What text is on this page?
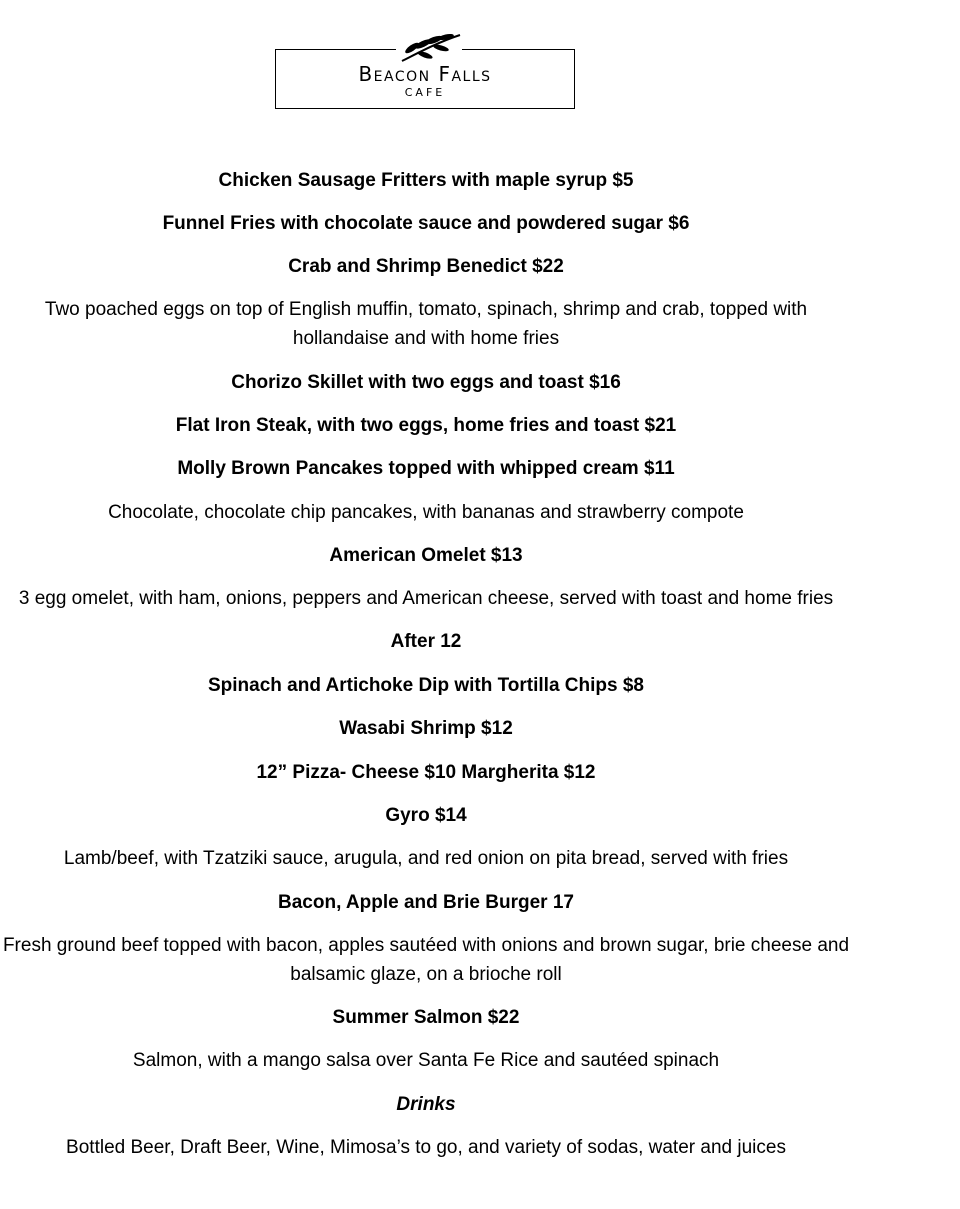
Beacon Falls
CAFE

Chicken Sausage Fritters with maple syrup $5

Funnel Fries with chocolate sauce and powdered sugar $6

Crab and Shrimp Benedict $22

Two poached eggs on top of English muffin, tomato, spinach, shrimp and crab, topped with hollandaise and with home fries

Chorizo Skillet with two eggs and toast $16

Flat Iron Steak, with two eggs, home fries and toast $21

Molly Brown Pancakes topped with whipped cream $11

Chocolate, chocolate chip pancakes, with bananas and strawberry compote

American Omelet $13

3 egg omelet, with ham, onions, peppers and American cheese, served with toast and home fries

After 12

Spinach and Artichoke Dip with Tortilla Chips $8

Wasabi Shrimp $12

12” Pizza- Cheese $10 Margherita $12

Gyro $14

Lamb/beef, with Tzatziki sauce, arugula, and red onion on pita bread, served with fries

Bacon, Apple and Brie Burger 17

Fresh ground beef topped with bacon, apples sautéed with onions and brown sugar, brie cheese and balsamic glaze, on a brioche roll

Summer Salmon $22

Salmon, with a mango salsa over Santa Fe Rice and sautéed spinach

Drinks

Bottled Beer, Draft Beer, Wine, Mimosa’s to go, and variety of sodas, water and juices
